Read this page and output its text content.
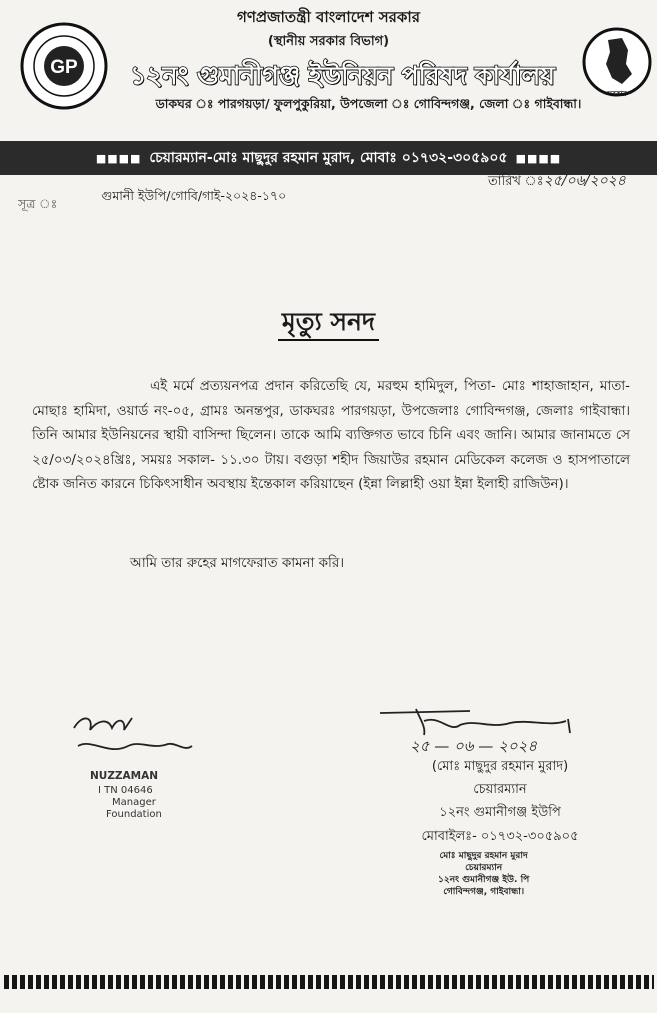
GP
সরকার
গণপ্রজাতন্ত্রী বাংলাদেশ সরকার
(স্থানীয় সরকার বিভাগ)
১২নং গুমানীগঞ্জ ইউনিয়ন পরিষদ কার্যালয়
ডাকঘর ঃ পারগয়ড়া/ ফুলপুকুরিয়া, উপজেলা ঃ গোবিন্দগঞ্জ, জেলা ঃ গাইবান্ধা।
■■■■ চেয়ারম্যান-মোঃ মাছুদুর রহমান মুরাদ, মোবাঃ ০১৭৩২-৩০৫৯০৫ ■■■■
তারিখ ঃ২৫/০৬/২০২৪
সূত্র ঃ গুমানী ইউপি/গোবি/গাই-২০২৪-১৭০
মৃত্যু সনদ
এই মর্মে প্রত্যয়নপত্র প্রদান করিতেছি যে, মরহুম হামিদুল, পিতা- মোঃ শাহাজাহান, মাতা- মোছাঃ হামিদা, ওয়ার্ড নং-০৫, গ্রামঃ অনন্তপুর, ডাকঘরঃ পারগয়ড়া, উপজেলাঃ গোবিন্দগঞ্জ, জেলাঃ গাইবান্ধা। তিনি আমার ইউনিয়নের স্থায়ী বাসিন্দা ছিলেন। তাকে আমি ব্যক্তিগত ভাবে চিনি এবং জানি। আমার জানামতে সে ২৫/০৩/২০২৪খ্রিঃ, সময়ঃ সকাল- ১১.৩০ টায়। বগুড়া শহীদ জিয়াউর রহমান মেডিকেল কলেজ ও হাসপাতালে ষ্টোক জনিত কারনে চিকিৎসাধীন অবস্থায় ইন্তেকাল করিয়াছেন (ইন্না লিল্লাহী ওয়া ইন্না ইলাহী রাজিউন)।
আমি তার রুহের মাগফেরাত কামনা করি।
NUZZAMAN
I TN 04646
Manager
Foundation
২৫ — ০৬ — ২০২৪
(মোঃ মাছুদুর রহমান মুরাদ)
চেয়ারম্যান
১২নং গুমানীগঞ্জ ইউপি
মোবাইলঃ- ০১৭৩২-৩০৫৯০৫
মোঃ মাছুদুর রহমান মুরাদ
চেয়ারম্যান
১২নং গুমানীগঞ্জ ইউ. পি
গোবিন্দগঞ্জ, গাইবান্ধা।
